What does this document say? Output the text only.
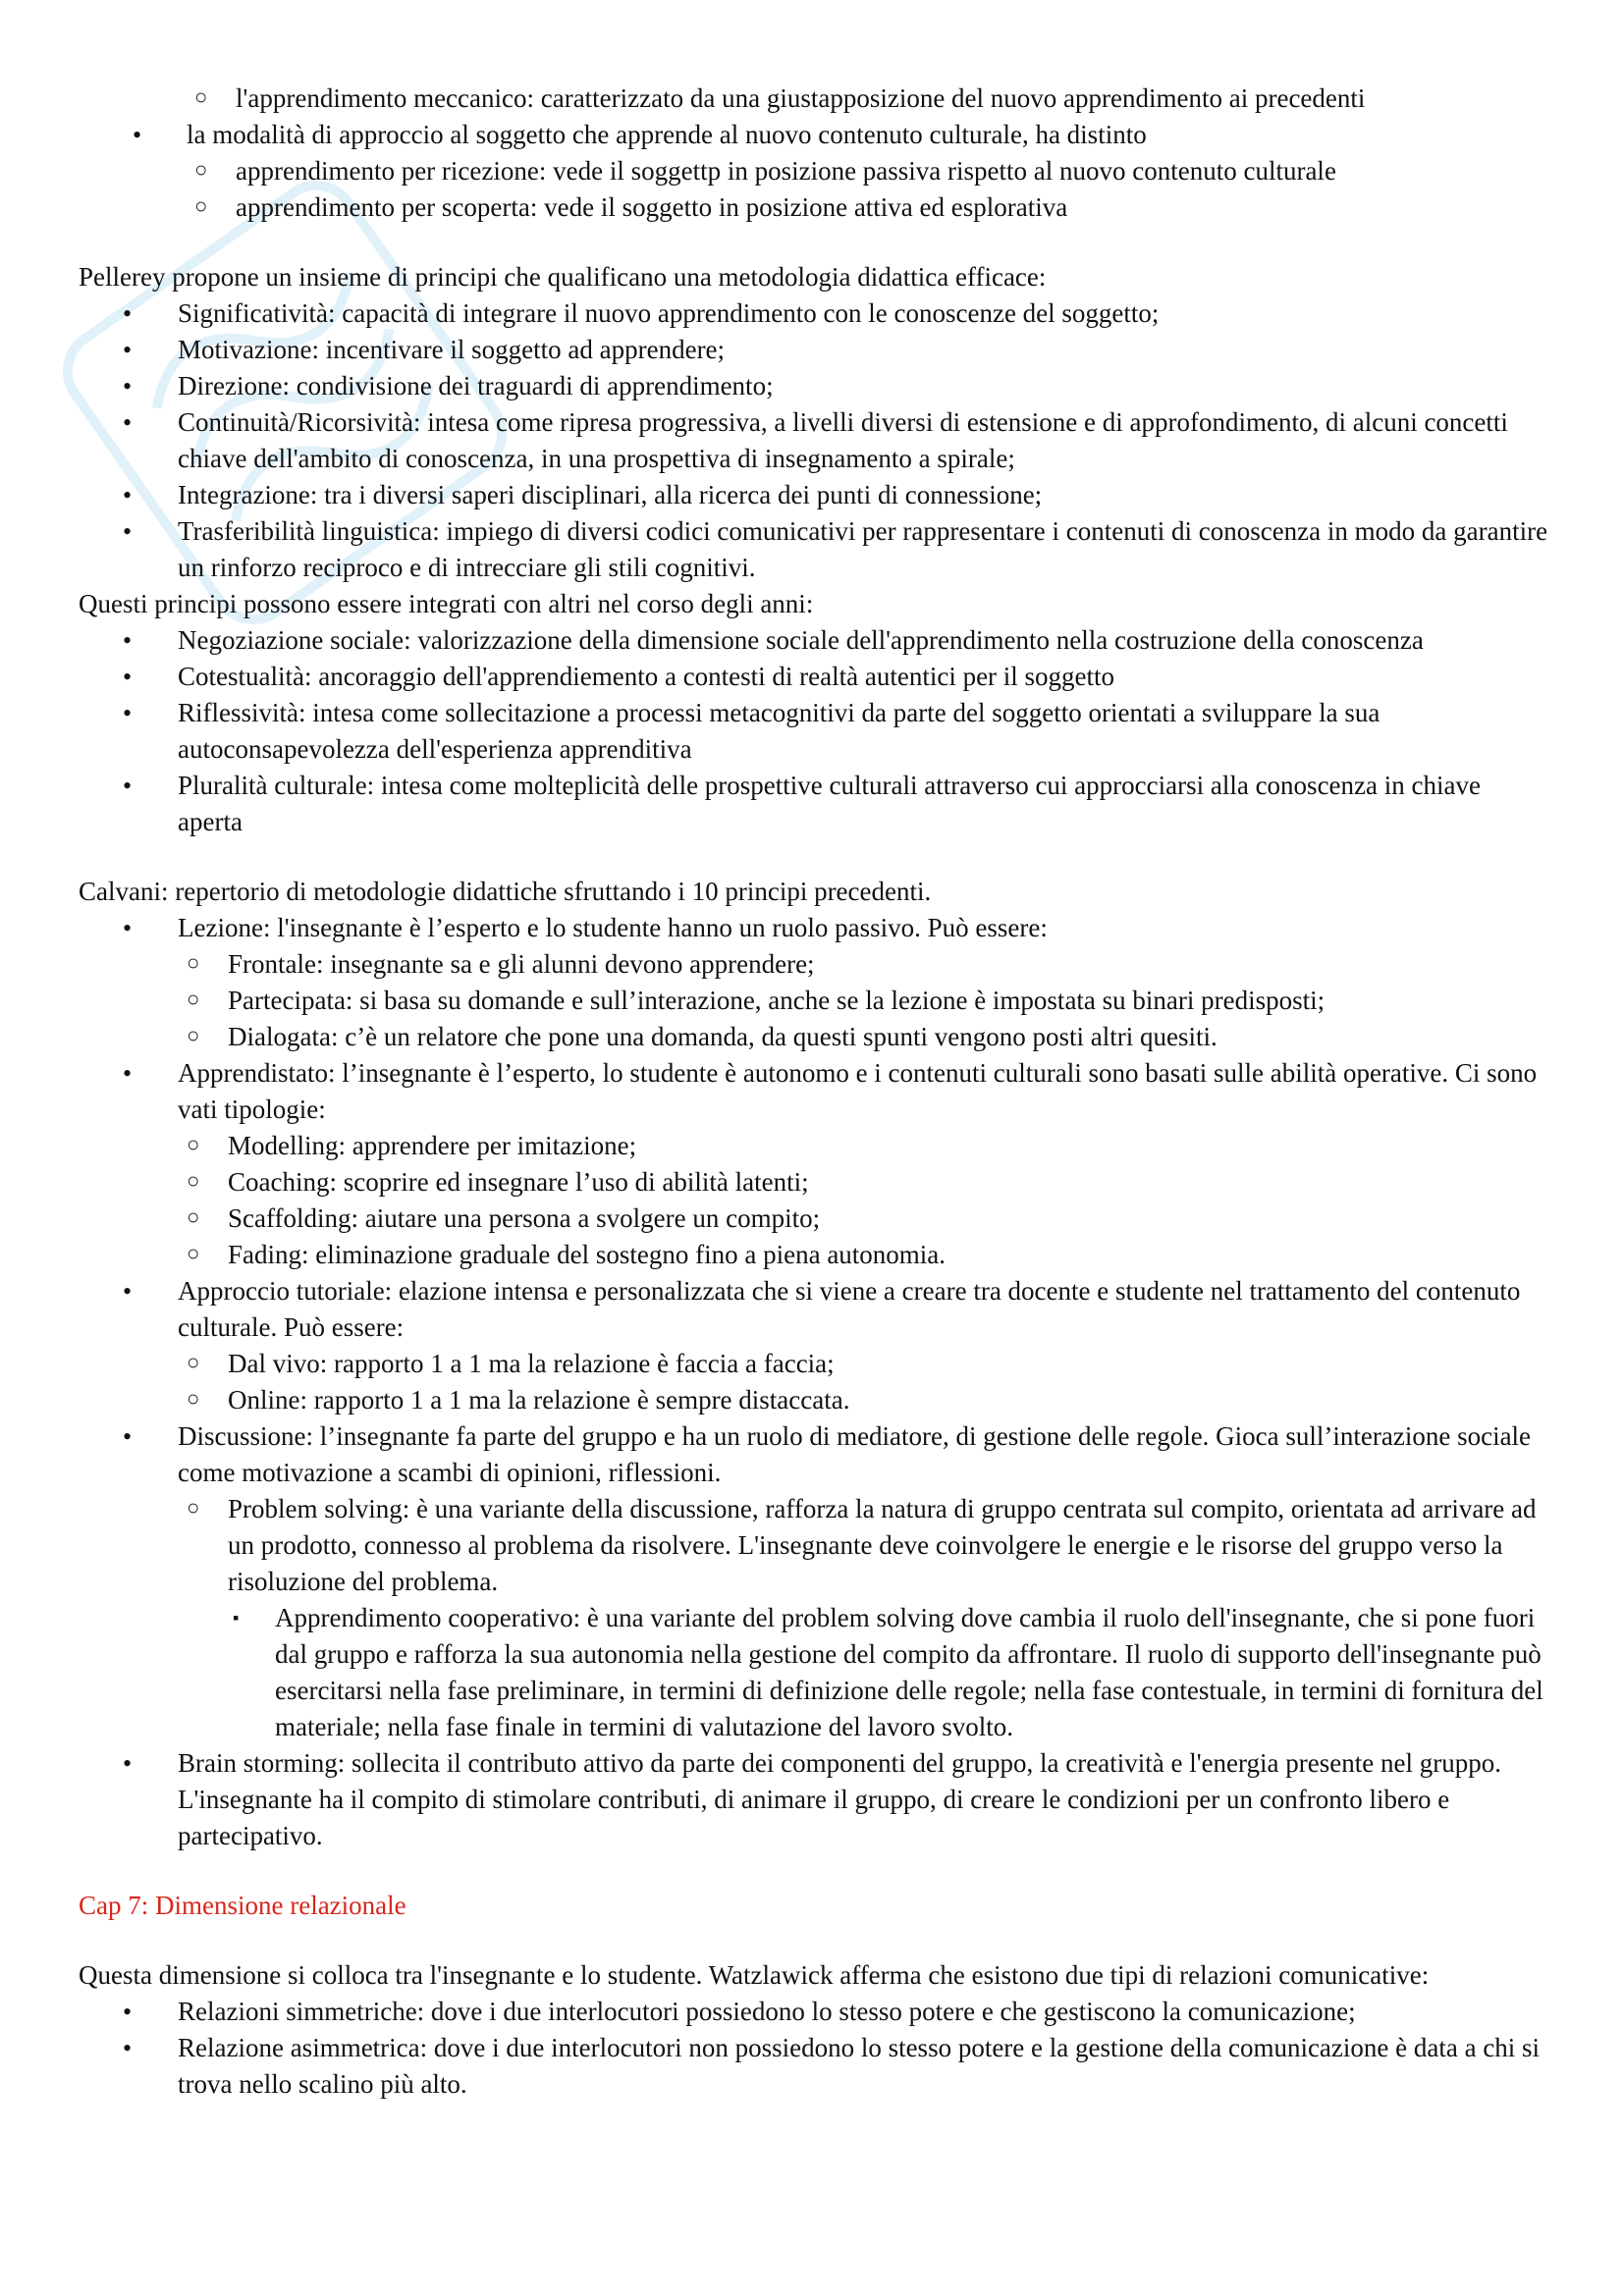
○ l'apprendimento meccanico: caratterizzato da una giustapposizione del nuovo apprendimento ai precedenti
• la modalità di approccio al soggetto che apprende al nuovo contenuto culturale, ha distinto
○ apprendimento per ricezione: vede il soggettp in posizione passiva rispetto al nuovo contenuto culturale
○ apprendimento per scoperta: vede il soggetto in posizione attiva ed esplorativa

Pellerey propone un insieme di principi che qualificano una metodologia didattica efficace:

• Significatività: capacità di integrare il nuovo apprendimento con le conoscenze del soggetto;
• Motivazione: incentivare il soggetto ad apprendere;
• Direzione: condivisione dei traguardi di apprendimento;
• Continuità/Ricorsività: intesa come ripresa progressiva, a livelli diversi di estensione e di approfondimento, di alcuni concetti chiave dell'ambito di conoscenza, in una prospettiva di insegnamento a spirale;
• Integrazione: tra i diversi saperi disciplinari, alla ricerca dei punti di connessione;
• Trasferibilità linguistica: impiego di diversi codici comunicativi per rappresentare i contenuti di conoscenza in modo da garantire un rinforzo reciproco e di intrecciare gli stili cognitivi.

Questi principi possono essere integrati con altri nel corso degli anni:

• Negoziazione sociale: valorizzazione della dimensione sociale dell'apprendimento nella costruzione della conoscenza
• Cotestualità: ancoraggio dell'apprendiemento a contesti di realtà autentici per il soggetto
• Riflessività: intesa come sollecitazione a processi metacognitivi da parte del soggetto orientati a sviluppare la sua autoconsapevolezza dell'esperienza apprenditiva
• Pluralità culturale: intesa come molteplicità delle prospettive culturali attraverso cui approcciarsi alla conoscenza in chiave aperta

Calvani: repertorio di metodologie didattiche sfruttando i 10 principi precedenti.

• Lezione: l'insegnante è l’esperto e lo studente hanno un ruolo passivo. Può essere:
○ Frontale: insegnante sa e gli alunni devono apprendere;
○ Partecipata: si basa su domande e sull’interazione, anche se la lezione è impostata su binari predisposti;
○ Dialogata: c’è un relatore che pone una domanda, da questi spunti vengono posti altri quesiti.
• Apprendistato: l’insegnante è l’esperto, lo studente è autonomo e i contenuti culturali sono basati sulle abilità operative. Ci sono vati tipologie:
○ Modelling: apprendere per imitazione;
○ Coaching: scoprire ed insegnare l’uso di abilità latenti;
○ Scaffolding: aiutare una persona a svolgere un compito;
○ Fading: eliminazione graduale del sostegno fino a piena autonomia.
• Approccio tutoriale: elazione intensa e personalizzata che si viene a creare tra docente e studente nel trattamento del contenuto culturale. Può essere:
○ Dal vivo: rapporto 1 a 1 ma la relazione è faccia a faccia;
○ Online: rapporto 1 a 1 ma la relazione è sempre distaccata.
• Discussione: l’insegnante fa parte del gruppo e ha un ruolo di mediatore, di gestione delle regole. Gioca sull’interazione sociale come motivazione a scambi di opinioni, riflessioni.
○ Problem solving: è una variante della discussione, rafforza la natura di gruppo centrata sul compito, orientata ad arrivare ad un prodotto, connesso al problema da risolvere. L'insegnante deve coinvolgere le energie e le risorse del gruppo verso la risoluzione del problema.
▪ Apprendimento cooperativo: è una variante del problem solving dove cambia il ruolo dell'insegnante, che si pone fuori dal gruppo e rafforza la sua autonomia nella gestione del compito da affrontare. Il ruolo di supporto dell'insegnante può esercitarsi nella fase preliminare, in termini di definizione delle regole; nella fase contestuale, in termini di fornitura del materiale; nella fase finale in termini di valutazione del lavoro svolto.
• Brain storming: sollecita il contributo attivo da parte dei componenti del gruppo, la creatività e l'energia presente nel gruppo. L'insegnante ha il compito di stimolare contributi, di animare il gruppo, di creare le condizioni per un confronto libero e partecipativo.

Cap 7: Dimensione relazionale

Questa dimensione si colloca tra l'insegnante e lo studente. Watzlawick afferma che esistono due tipi di relazioni comunicative:

• Relazioni simmetriche: dove i due interlocutori possiedono lo stesso potere e che gestiscono la comunicazione;
• Relazione asimmetrica: dove i due interlocutori non possiedono lo stesso potere e la gestione della comunicazione è data a chi si trova nello scalino più alto.
